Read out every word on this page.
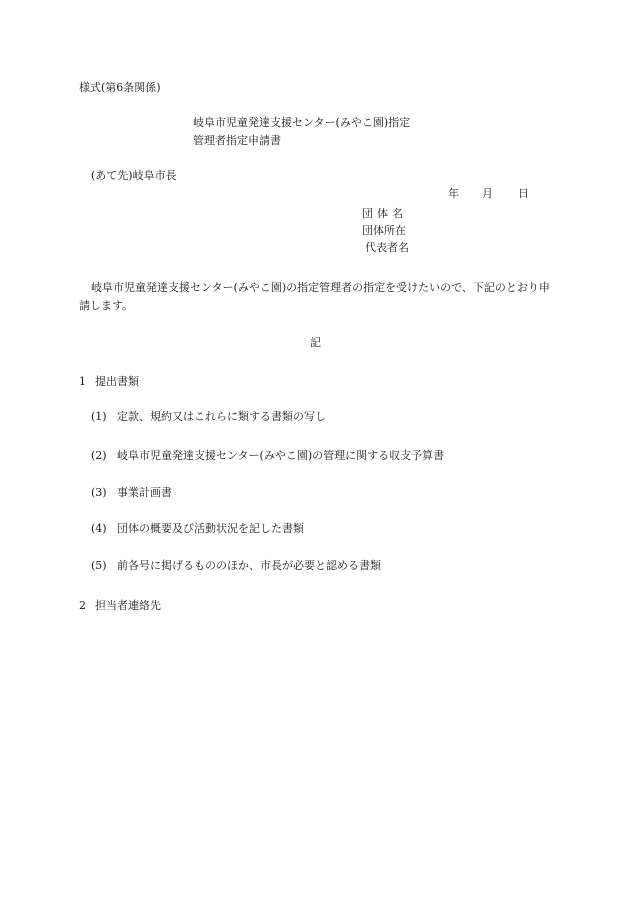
様式(第6条関係)
岐阜市児童発達支援センター(みやこ園)指定
管理者指定申請書
(あて先)岐阜市長
年 月 日
団体名
団体所在
代表者名
岐阜市児童発達支援センター(みやこ園)の指定管理者の指定を受けたいので、下記のとおり申請します。
記
1 提出書類
(1) 定款、規約又はこれらに類する書類の写し
(2) 岐阜市児童発達支援センター(みやこ園)の管理に関する収支予算書
(3) 事業計画書
(4) 団体の概要及び活動状況を記した書類
(5) 前各号に掲げるもののほか、市長が必要と認める書類
2 担当者連絡先
